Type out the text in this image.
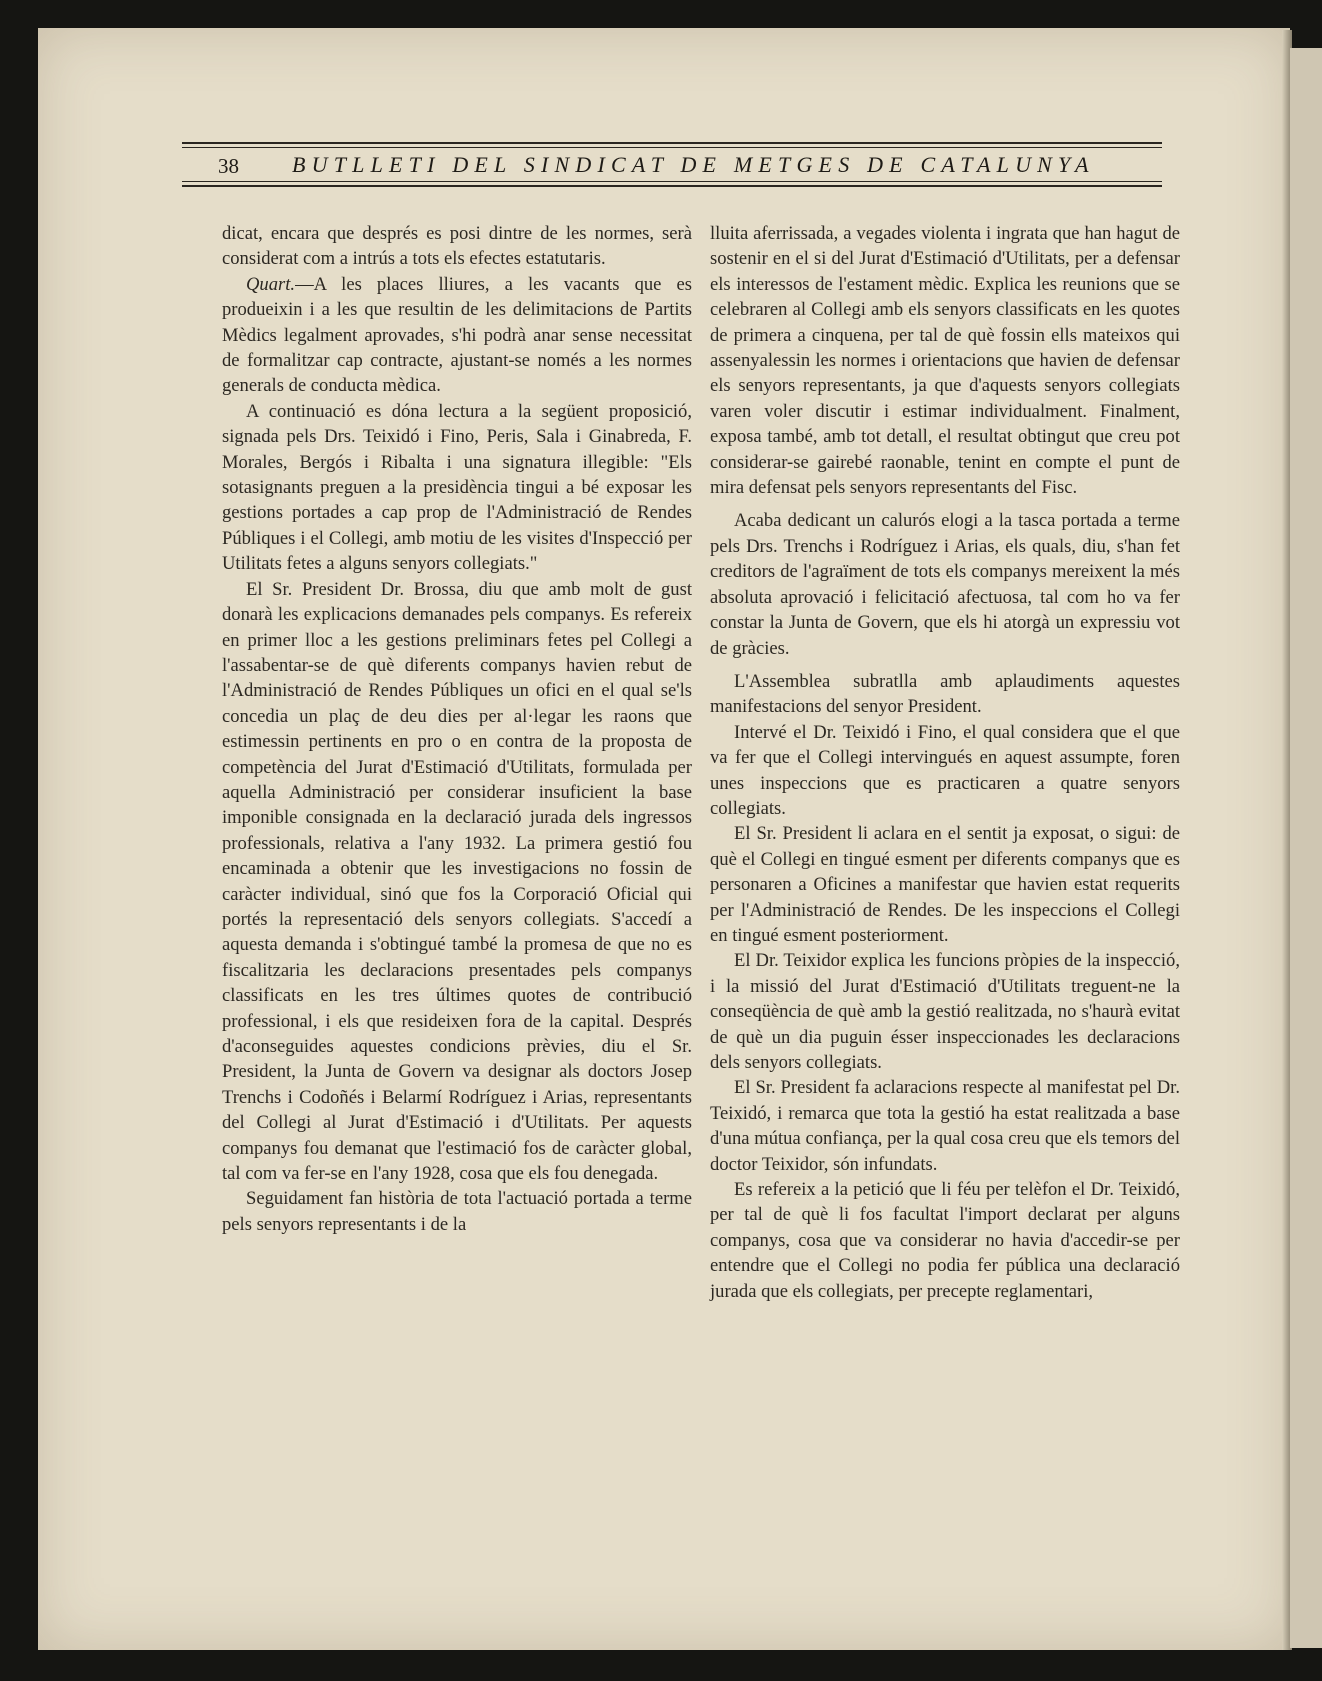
38 BUTLLETI DEL SINDICAT DE METGES DE CATALUNYA

dicat, encara que després es posi dintre de les normes, serà considerat com a intrús a tots els efectes estatutaris.

Quart.—A les places lliures, a les vacants que es produeixin i a les que resultin de les delimitacions de Partits Mèdics legalment aprovades, s'hi podrà anar sense necessitat de formalitzar cap contracte, ajustant-se només a les normes generals de conducta mèdica.

A continuació es dóna lectura a la següent proposició, signada pels Drs. Teixidó i Fino, Peris, Sala i Ginabreda, F. Morales, Bergós i Ribalta i una signatura illegible: "Els sotasignants preguen a la presidència tingui a bé exposar les gestions portades a cap prop de l'Administració de Rendes Públiques i el Collegi, amb motiu de les visites d'Inspecció per Utilitats fetes a alguns senyors collegiats."

El Sr. President Dr. Brossa, diu que amb molt de gust donarà les explicacions demanades pels companys. Es refereix en primer lloc a les gestions preliminars fetes pel Collegi a l'assabentar-se de què diferents companys havien rebut de l'Administració de Rendes Públiques un ofici en el qual se'ls concedia un plaç de deu dies per al·legar les raons que estimessin pertinents en pro o en contra de la proposta de competència del Jurat d'Estimació d'Utilitats, formulada per aquella Administració per considerar insuficient la base imponible consignada en la declaració jurada dels ingressos professionals, relativa a l'any 1932. La primera gestió fou encaminada a obtenir que les investigacions no fossin de caràcter individual, sinó que fos la Corporació Oficial qui portés la representació dels senyors collegiats. S'accedí a aquesta demanda i s'obtingué també la promesa de que no es fiscalitzaria les declaracions presentades pels companys classificats en les tres últimes quotes de contribució professional, i els que resideixen fora de la capital. Després d'aconseguides aquestes condicions prèvies, diu el Sr. President, la Junta de Govern va designar als doctors Josep Trenchs i Codoñés i Belarmí Rodríguez i Arias, representants del Collegi al Jurat d'Estimació i d'Utilitats. Per aquests companys fou demanat que l'estimació fos de caràcter global, tal com va fer-se en l'any 1928, cosa que els fou denegada.

Seguidament fan història de tota l'actuació portada a terme pels senyors representants i de la

lluita aferrissada, a vegades violenta i ingrata que han hagut de sostenir en el si del Jurat d'Estimació d'Utilitats, per a defensar els interessos de l'estament mèdic. Explica les reunions que se celebraren al Collegi amb els senyors classificats en les quotes de primera a cinquena, per tal de què fossin ells mateixos qui assenyalessin les normes i orientacions que havien de defensar els senyors representants, ja que d'aquests senyors collegiats varen voler discutir i estimar individualment. Finalment, exposa també, amb tot detall, el resultat obtingut que creu pot considerar-se gairebé raonable, tenint en compte el punt de mira defensat pels senyors representants del Fisc.

Acaba dedicant un calurós elogi a la tasca portada a terme pels Drs. Trenchs i Rodríguez i Arias, els quals, diu, s'han fet creditors de l'agraïment de tots els companys mereixent la més absoluta aprovació i felicitació afectuosa, tal com ho va fer constar la Junta de Govern, que els hi atorgà un expressiu vot de gràcies.

L'Assemblea subratlla amb aplaudiments aquestes manifestacions del senyor President.

Intervé el Dr. Teixidó i Fino, el qual considera que el que va fer que el Collegi intervingués en aquest assumpte, foren unes inspeccions que es practicaren a quatre senyors collegiats.

El Sr. President li aclara en el sentit ja exposat, o sigui: de què el Collegi en tingué esment per diferents companys que es personaren a Oficines a manifestar que havien estat requerits per l'Administració de Rendes. De les inspeccions el Collegi en tingué esment posteriorment.

El Dr. Teixidor explica les funcions pròpies de la inspecció, i la missió del Jurat d'Estimació d'Utilitats treguent-ne la conseqüència de què amb la gestió realitzada, no s'haurà evitat de què un dia puguin ésser inspeccionades les declaracions dels senyors collegiats.

El Sr. President fa aclaracions respecte al manifestat pel Dr. Teixidó, i remarca que tota la gestió ha estat realitzada a base d'una mútua confiança, per la qual cosa creu que els temors del doctor Teixidor, són infundats.

Es refereix a la petició que li féu per telèfon el Dr. Teixidó, per tal de què li fos facultat l'import declarat per alguns companys, cosa que va considerar no havia d'accedir-se per entendre que el Collegi no podia fer pública una declaració jurada que els collegiats, per precepte reglamentari,
